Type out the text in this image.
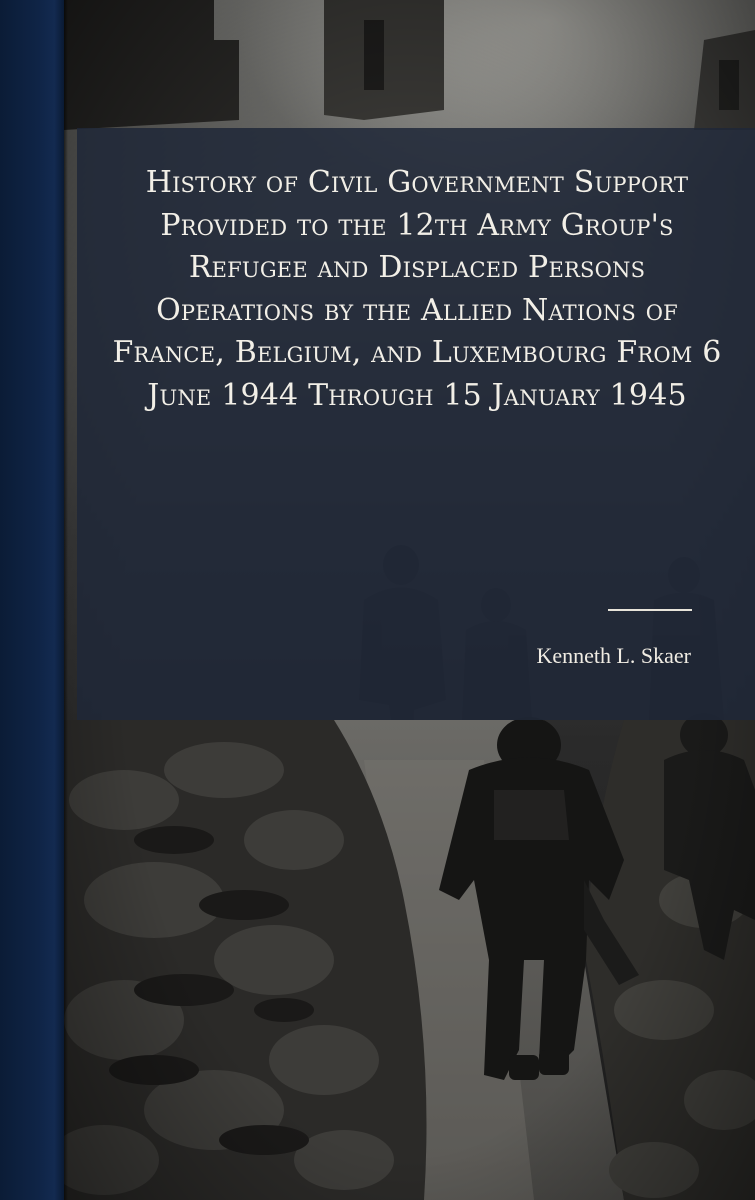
History of Civil Government Support Provided to the 12th Army Group's Refugee and Displaced Persons Operations by the Allied Nations of France, Belgium, and Luxembourg From 6 June 1944 Through 15 January 1945
Kenneth L. Skaer
